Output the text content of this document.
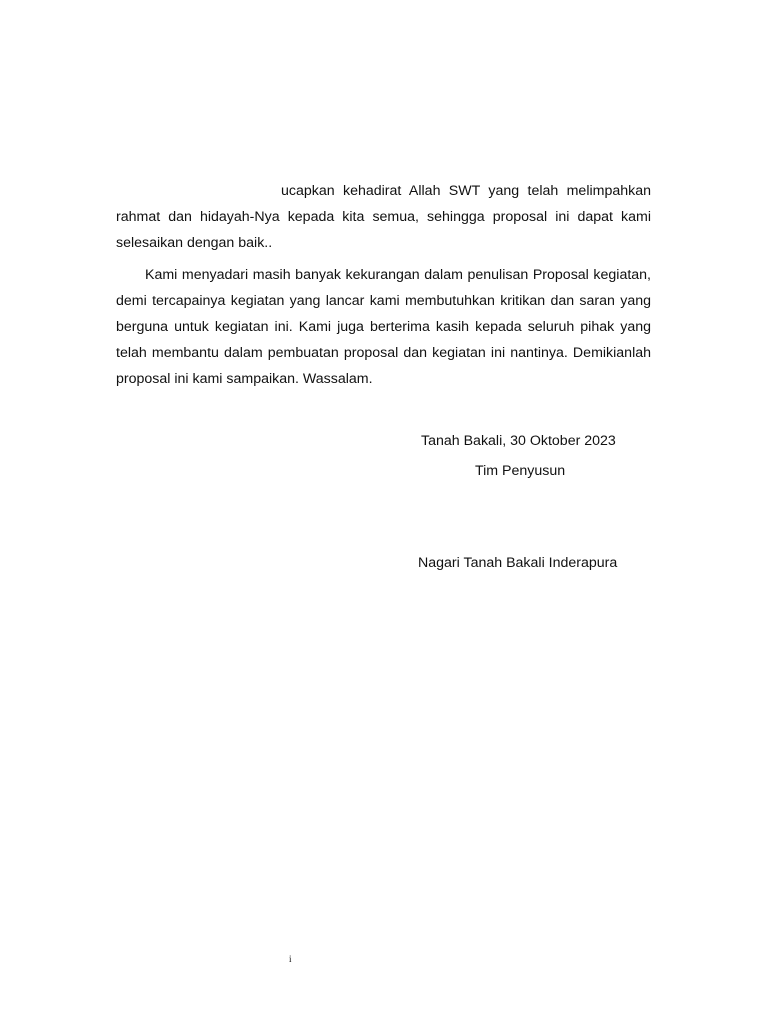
ucapkan kehadirat Allah SWT yang telah melimpahkan rahmat dan hidayah-Nya kepada kita semua, sehingga proposal ini dapat kami selesaikan dengan baik..

Kami menyadari masih banyak kekurangan dalam penulisan Proposal kegiatan, demi tercapainya kegiatan yang lancar kami membutuhkan kritikan dan saran yang berguna untuk kegiatan ini. Kami juga berterima kasih kepada seluruh pihak yang telah membantu dalam pembuatan proposal dan kegiatan ini nantinya. Demikianlah proposal ini kami sampaikan. Wassalam.

Tanah Bakali, 30 Oktober 2023

Tim Penyusun

Nagari Tanah Bakali Inderapura

i
